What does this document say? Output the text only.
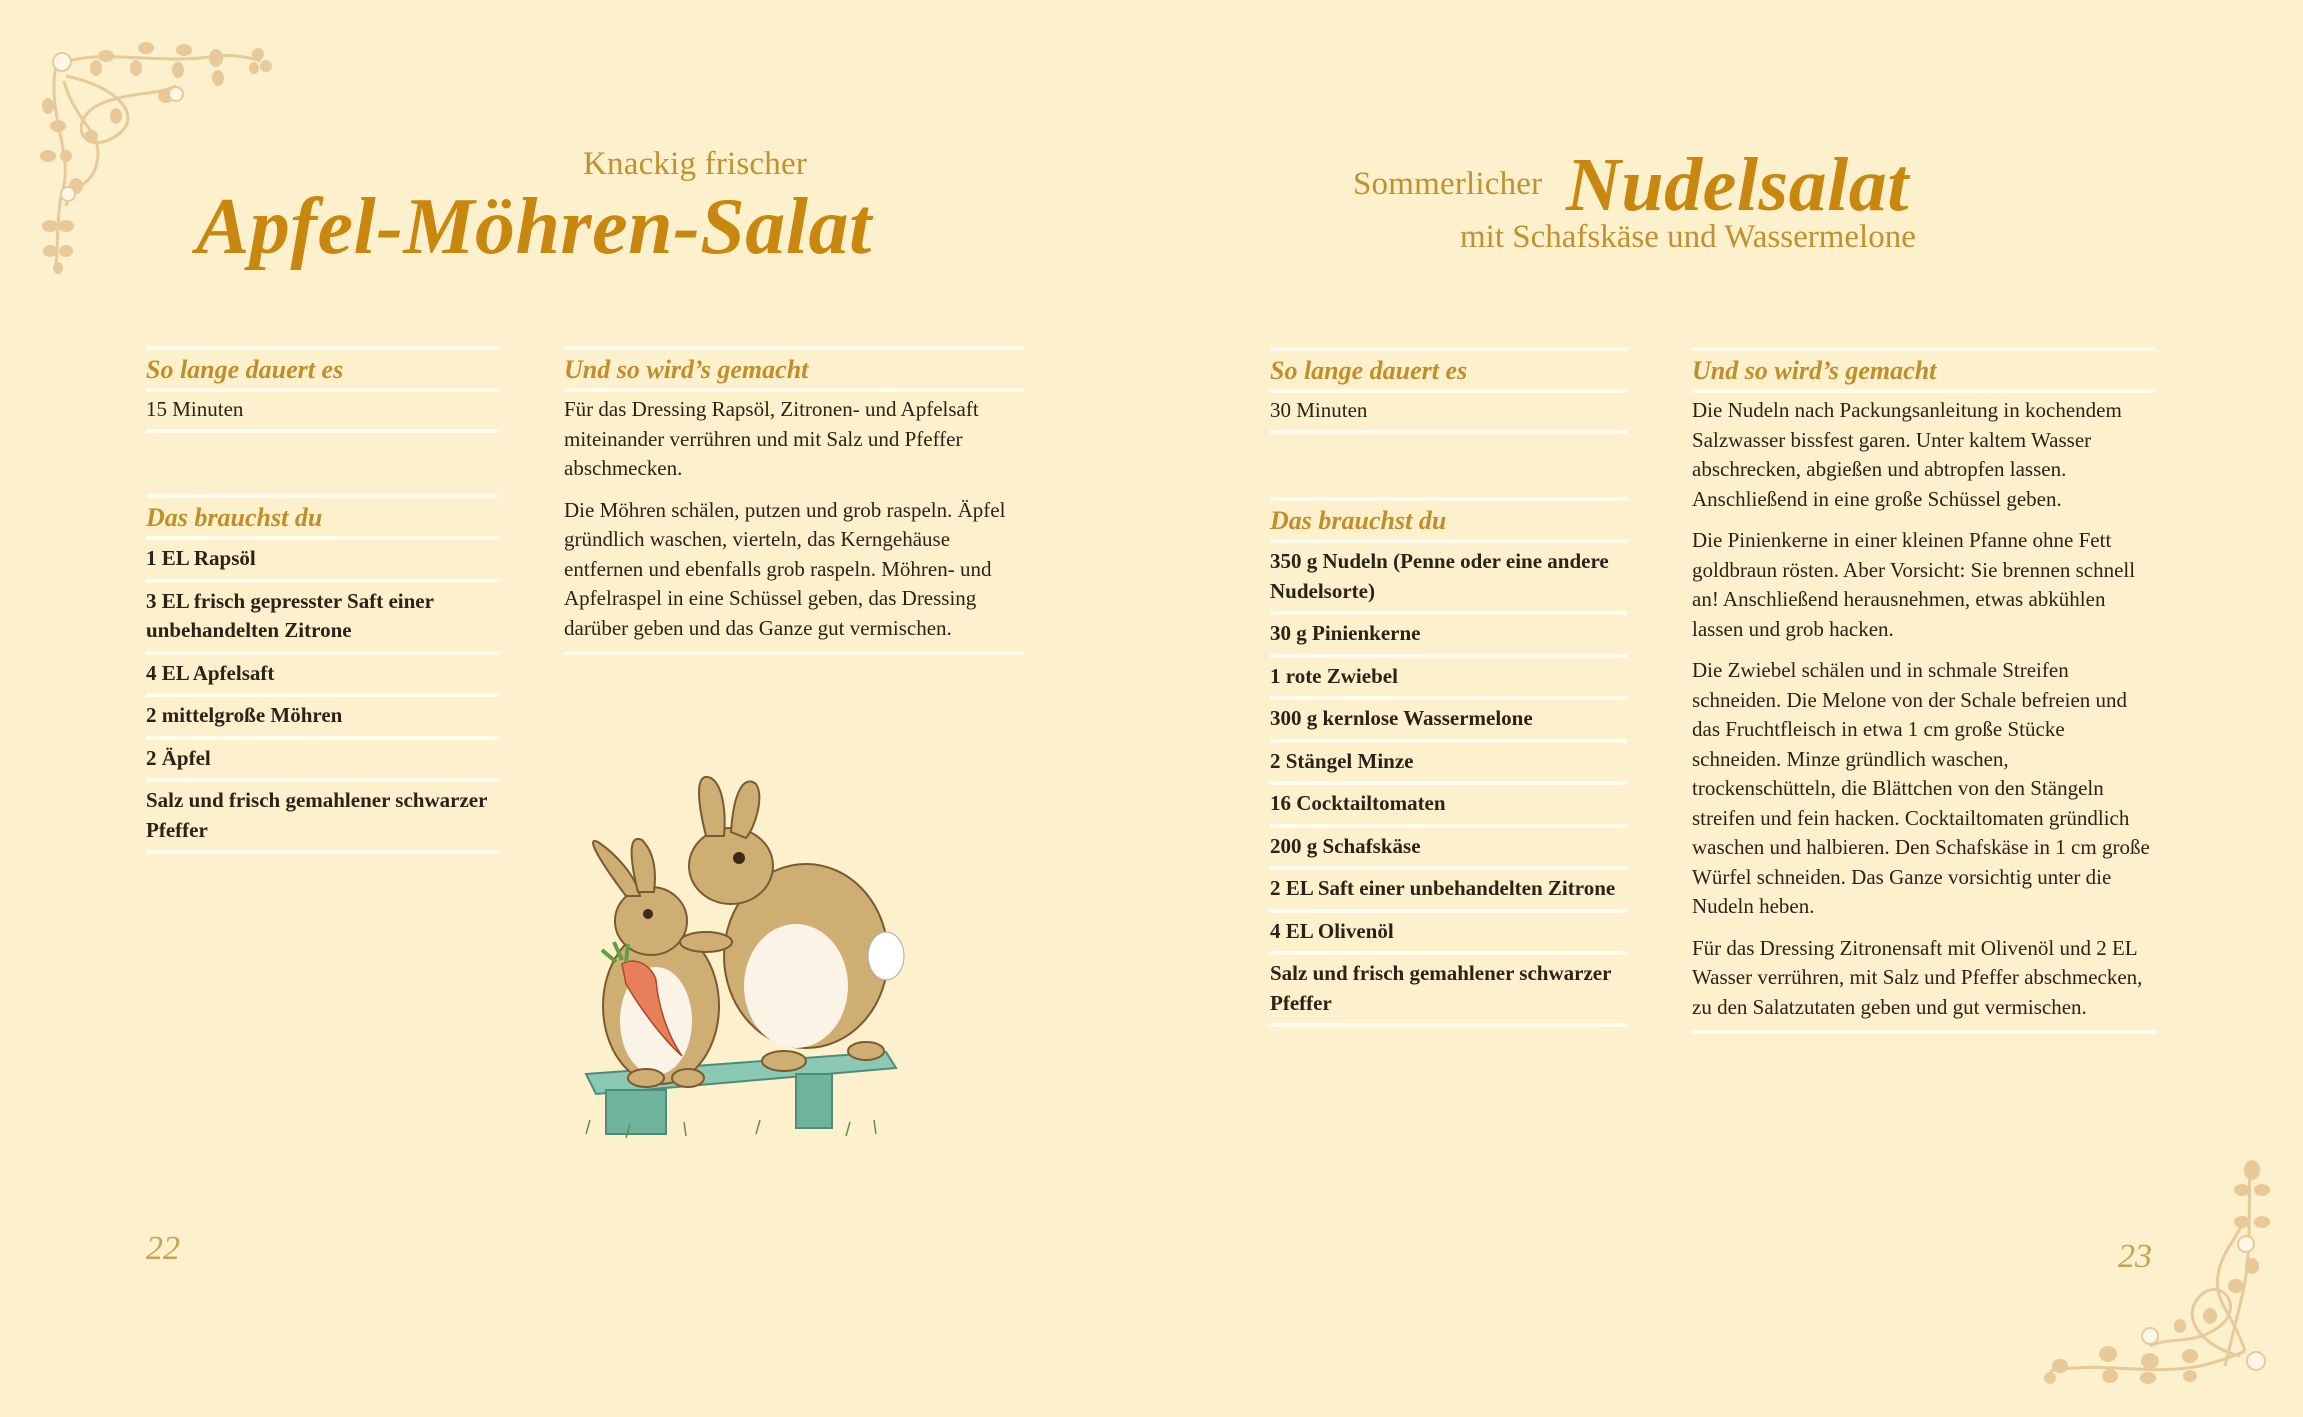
Knackig frischer
Apfel-Möhren-Salat
So lange dauert es
15 Minuten
Das brauchst du
1 EL Rapsöl
3 EL frisch gepresster Saft einer unbehandelten Zitrone
4 EL Apfelsaft
2 mittelgroße Möhren
2 Äpfel
Salz und frisch gemahlener schwarzer Pfeffer
Und so wird’s gemacht
Für das Dressing Rapsöl, Zitronen- und Apfelsaft miteinander verrühren und mit Salz und Pfeffer abschmecken.
Die Möhren schälen, putzen und grob raspeln. Äpfel gründlich waschen, vierteln, das Kerngehäuse entfernen und ebenfalls grob raspeln. Möhren- und Apfelraspel in eine Schüssel geben, das Dressing darüber geben und das Ganze gut vermischen.
22
Sommerlicher Nudelsalat
mit Schafskäse und Wassermelone
So lange dauert es
30 Minuten
Das brauchst du
350 g Nudeln (Penne oder eine andere Nudelsorte)
30 g Pinienkerne
1 rote Zwiebel
300 g kernlose Wassermelone
2 Stängel Minze
16 Cocktailtomaten
200 g Schafskäse
2 EL Saft einer unbehandelten Zitrone
4 EL Olivenöl
Salz und frisch gemahlener schwarzer Pfeffer
Und so wird’s gemacht
Die Nudeln nach Packungsanleitung in kochendem Salzwasser bissfest garen. Unter kaltem Wasser abschrecken, abgießen und abtropfen lassen. Anschließend in eine große Schüssel geben.
Die Pinienkerne in einer kleinen Pfanne ohne Fett goldbraun rösten. Aber Vorsicht: Sie brennen schnell an! Anschließend herausnehmen, etwas abkühlen lassen und grob hacken.
Die Zwiebel schälen und in schmale Streifen schneiden. Die Melone von der Schale befreien und das Fruchtfleisch in etwa 1 cm große Stücke schneiden. Minze gründlich waschen, trockenschütteln, die Blättchen von den Stängeln streifen und fein hacken. Cocktailtomaten gründlich waschen und halbieren. Den Schafskäse in 1 cm große Würfel schneiden. Das Ganze vorsichtig unter die Nudeln heben.
Für das Dressing Zitronensaft mit Olivenöl und 2 EL Wasser verrühren, mit Salz und Pfeffer abschmecken, zu den Salatzutaten geben und gut vermischen.
23
